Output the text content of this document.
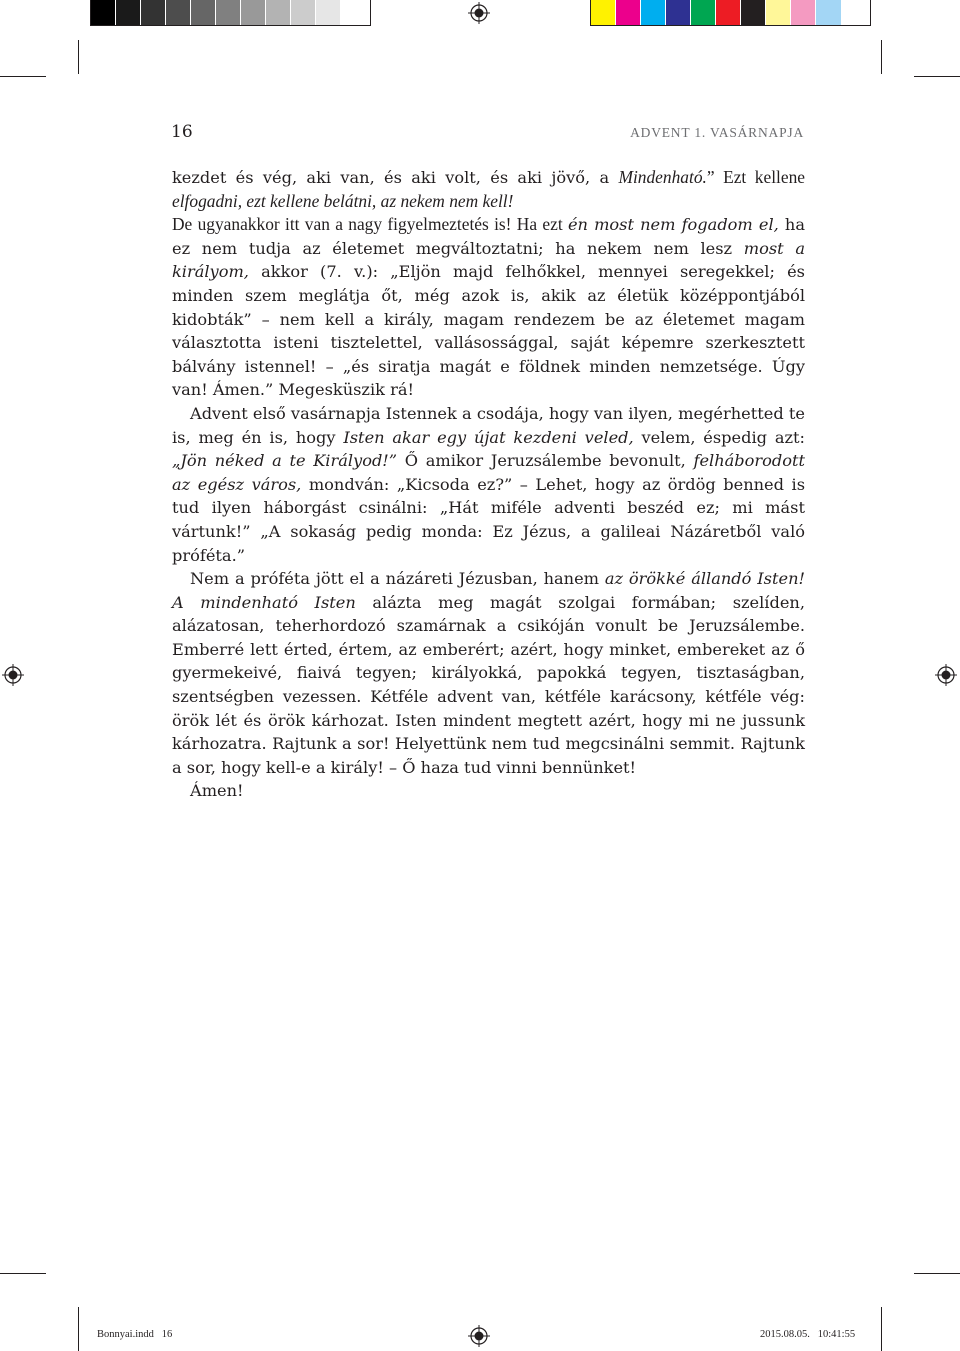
16	ADVENT 1. VASÁRNAPJA

kezdet és vég, aki van, és aki volt, és aki jövő, a Mindenható.” Ezt kellene elfogadni, ezt kellene belátni, az nekem nem kell!

De ugyanakkor itt van a nagy figyelmeztetés is! Ha ezt én most nem fogadom el, ha ez nem tudja az életemet megváltoztatni; ha nekem nem lesz most a királyom, akkor (7. v.): „Eljön majd felhőkkel, mennyei seregekkel; és minden szem meglátja őt, még azok is, akik az életük középpontjából kidobták” – nem kell a király, magam rendezem be az életemet magam választotta isteni tisztelettel, vallásossággal, saját képemre szerkesztett bálvány istennel! – „és siratja magát e földnek minden nemzetsége. Úgy van! Ámen.” Megesküszik rá!

Advent első vasárnapja Istennek a csodája, hogy van ilyen, megérhetted te is, meg én is, hogy Isten akar egy újat kezdeni veled, velem, éspedig azt: „Jön néked a te Királyod!” Ő amikor Jeruzsálembe bevonult, felháborodott az egész város, mondván: „Kicsoda ez?” – Lehet, hogy az ördög benned is tud ilyen háborgást csinálni: „Hát miféle adventi beszéd ez; mi mást vártunk!” „A sokaság pedig monda: Ez Jézus, a galileai Názáretből való próféta.”

Nem a próféta jött el a názáreti Jézusban, hanem az örökké állandó Isten! A mindenható Isten alázta meg magát szolgai formában; szelíden, alázatosan, teherhordozó szamárnak a csikóján vonult be Jeruzsálembe. Emberré lett érted, értem, az emberért; azért, hogy minket, embereket az ő gyermekeivé, fiaivá tegyen; királyokká, papokká tegyen, tisztaságban, szentségben vezessen. Kétféle advent van, kétféle karácsony, kétféle vég: örök lét és örök kárhozat. Isten mindent megtett azért, hogy mi ne jussunk kárhozatra. Rajtunk a sor! Helyettünk nem tud megcsinálni semmit. Rajtunk a sor, hogy kell-e a király! – Ő haza tud vinni bennünket!

Ámen!

Bonnyai.indd   16	2015.08.05.   10:41:55
